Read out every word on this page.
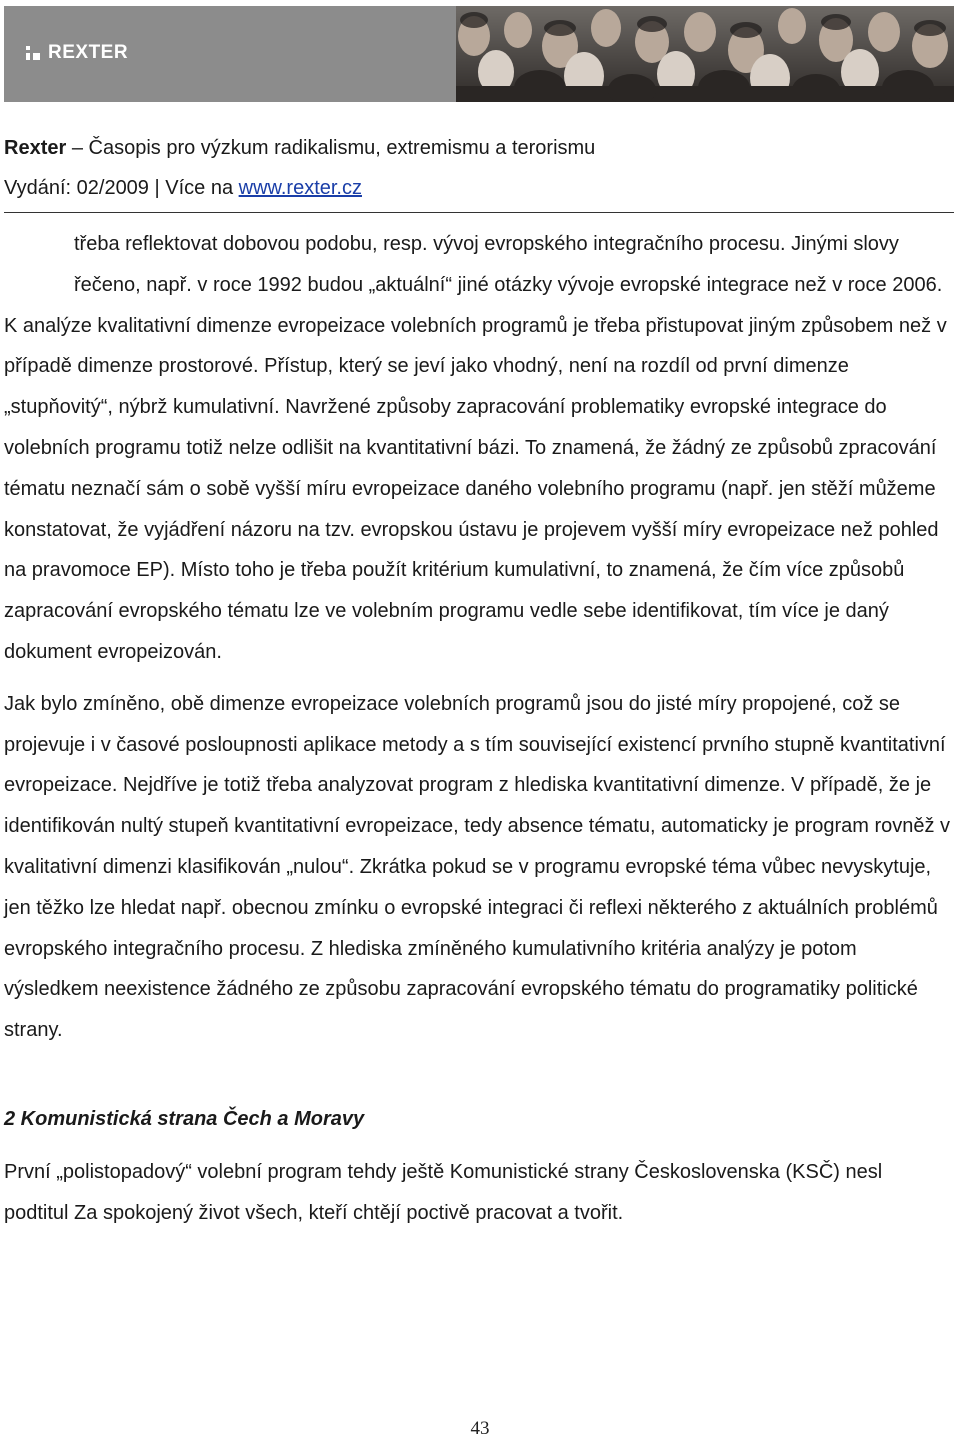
REXTER
Rexter – Časopis pro výzkum radikalismu, extremismu a terorismu
Vydání: 02/2009 | Více na www.rexter.cz

třeba reflektovat dobovou podobu, resp. vývoj evropského integračního procesu. Jinými slovy řečeno, např. v roce 1992 budou „aktuální“ jiné otázky vývoje evropské integrace než v roce 2006.

K analýze kvalitativní dimenze evropeizace volebních programů je třeba přistupovat jiným způsobem než v případě dimenze prostorové. Přístup, který se jeví jako vhodný, není na rozdíl od první dimenze „stupňovitý“, nýbrž kumulativní. Navržené způsoby zapracování problematiky evropské integrace do volebních programu totiž nelze odlišit na kvantitativní bázi. To znamená, že žádný ze způsobů zpracování tématu neznačí sám o sobě vyšší míru evropeizace daného volebního programu (např. jen stěží můžeme konstatovat, že vyjádření názoru na tzv. evropskou ústavu je projevem vyšší míry evropeizace než pohled na pravomoce EP). Místo toho je třeba použít kritérium kumulativní, to znamená, že čím více způsobů zapracování evropského tématu lze ve volebním programu vedle sebe identifikovat, tím více je daný dokument evropeizován.

Jak bylo zmíněno, obě dimenze evropeizace volebních programů jsou do jisté míry propojené, což se projevuje i v časové posloupnosti aplikace metody a s tím související existencí prvního stupně kvantitativní evropeizace. Nejdříve je totiž třeba analyzovat program z hlediska kvantitativní dimenze. V případě, že je identifikován nultý stupeň kvantitativní evropeizace, tedy absence tématu, automaticky je program rovněž v kvalitativní dimenzi klasifikován „nulou“. Zkrátka pokud se v programu evropské téma vůbec nevyskytuje, jen těžko lze hledat např. obecnou zmínku o evropské integraci či reflexi některého z aktuálních problémů evropského integračního procesu. Z hlediska zmíněného kumulativního kritéria analýzy je potom výsledkem neexistence žádného ze způsobu zapracování evropského tématu do programatiky politické strany.

2 Komunistická strana Čech a Moravy

První „polistopadový“ volební program tehdy ještě Komunistické strany Československa (KSČ) nesl podtitul Za spokojený život všech, kteří chtějí poctivě pracovat a tvořit.

43
